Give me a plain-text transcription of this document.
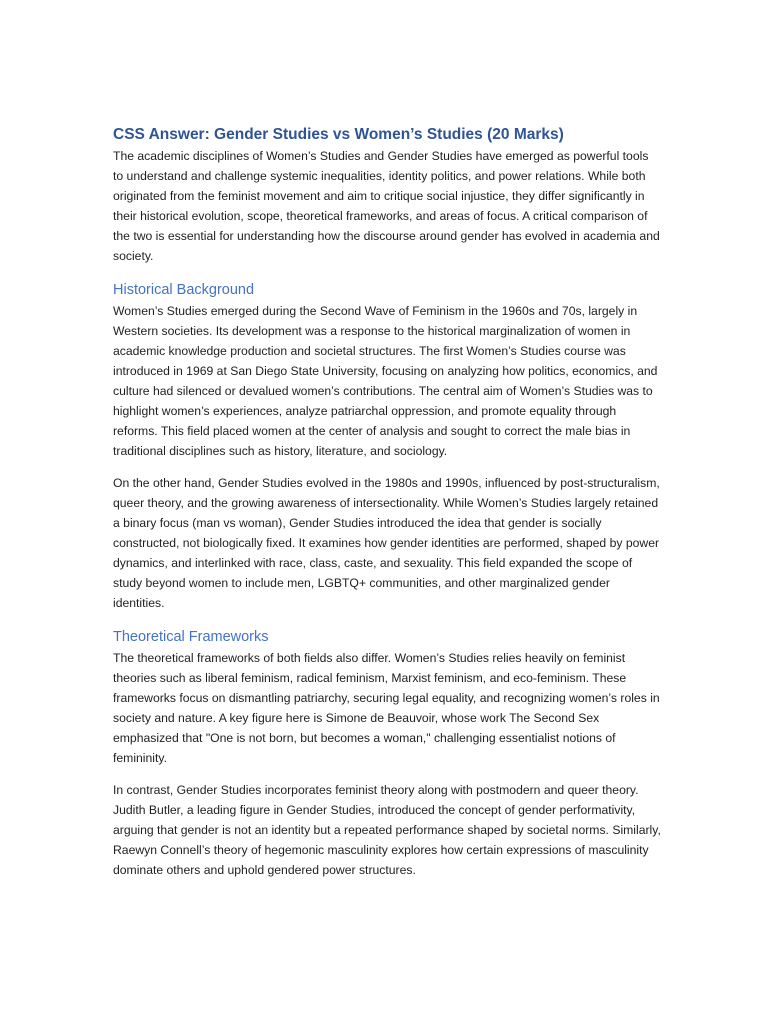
CSS Answer: Gender Studies vs Women’s Studies (20 Marks)

The academic disciplines of Women’s Studies and Gender Studies have emerged as powerful tools to understand and challenge systemic inequalities, identity politics, and power relations. While both originated from the feminist movement and aim to critique social injustice, they differ significantly in their historical evolution, scope, theoretical frameworks, and areas of focus. A critical comparison of the two is essential for understanding how the discourse around gender has evolved in academia and society.

Historical Background

Women’s Studies emerged during the Second Wave of Feminism in the 1960s and 70s, largely in Western societies. Its development was a response to the historical marginalization of women in academic knowledge production and societal structures. The first Women’s Studies course was introduced in 1969 at San Diego State University, focusing on analyzing how politics, economics, and culture had silenced or devalued women’s contributions. The central aim of Women’s Studies was to highlight women’s experiences, analyze patriarchal oppression, and promote equality through reforms. This field placed women at the center of analysis and sought to correct the male bias in traditional disciplines such as history, literature, and sociology.

On the other hand, Gender Studies evolved in the 1980s and 1990s, influenced by post-structuralism, queer theory, and the growing awareness of intersectionality. While Women’s Studies largely retained a binary focus (man vs woman), Gender Studies introduced the idea that gender is socially constructed, not biologically fixed. It examines how gender identities are performed, shaped by power dynamics, and interlinked with race, class, caste, and sexuality. This field expanded the scope of study beyond women to include men, LGBTQ+ communities, and other marginalized gender identities.

Theoretical Frameworks

The theoretical frameworks of both fields also differ. Women’s Studies relies heavily on feminist theories such as liberal feminism, radical feminism, Marxist feminism, and eco-feminism. These frameworks focus on dismantling patriarchy, securing legal equality, and recognizing women’s roles in society and nature. A key figure here is Simone de Beauvoir, whose work The Second Sex emphasized that "One is not born, but becomes a woman," challenging essentialist notions of femininity.

In contrast, Gender Studies incorporates feminist theory along with postmodern and queer theory. Judith Butler, a leading figure in Gender Studies, introduced the concept of gender performativity, arguing that gender is not an identity but a repeated performance shaped by societal norms. Similarly, Raewyn Connell’s theory of hegemonic masculinity explores how certain expressions of masculinity dominate others and uphold gendered power structures.
